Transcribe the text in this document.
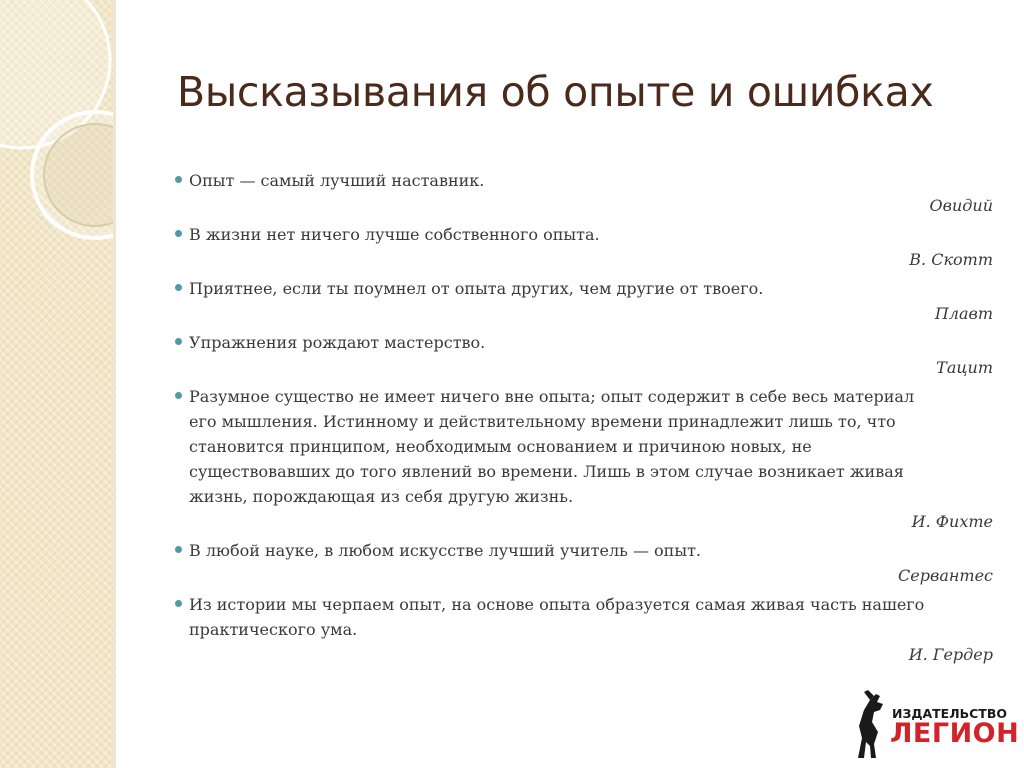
Высказывания об опыте и ошибках
Опыт — самый лучший наставник.
Овидий
В жизни нет ничего лучше собственного опыта.
В. Скотт
Приятнее, если ты поумнел от опыта других, чем другие от твоего.
Плавт
Упражнения рождают мастерство.
Тацит
Разумное существо не имеет ничего вне опыта; опыт содержит в себе весь материал
его мышления. Истинному и действительному времени принадлежит лишь то, что
становится принципом, необходимым основанием и причиною новых, не
существовавших до того явлений во времени. Лишь в этом случае возникает живая
жизнь, порождающая из себя другую жизнь.
И. Фихте
В любой науке, в любом искусстве лучший учитель — опыт.
Сервантес
Из истории мы черпаем опыт, на основе опыта образуется самая живая часть нашего
практического ума.
И. Гердер
ИЗДАТЕЛЬСТВО
ЛЕГИОН
